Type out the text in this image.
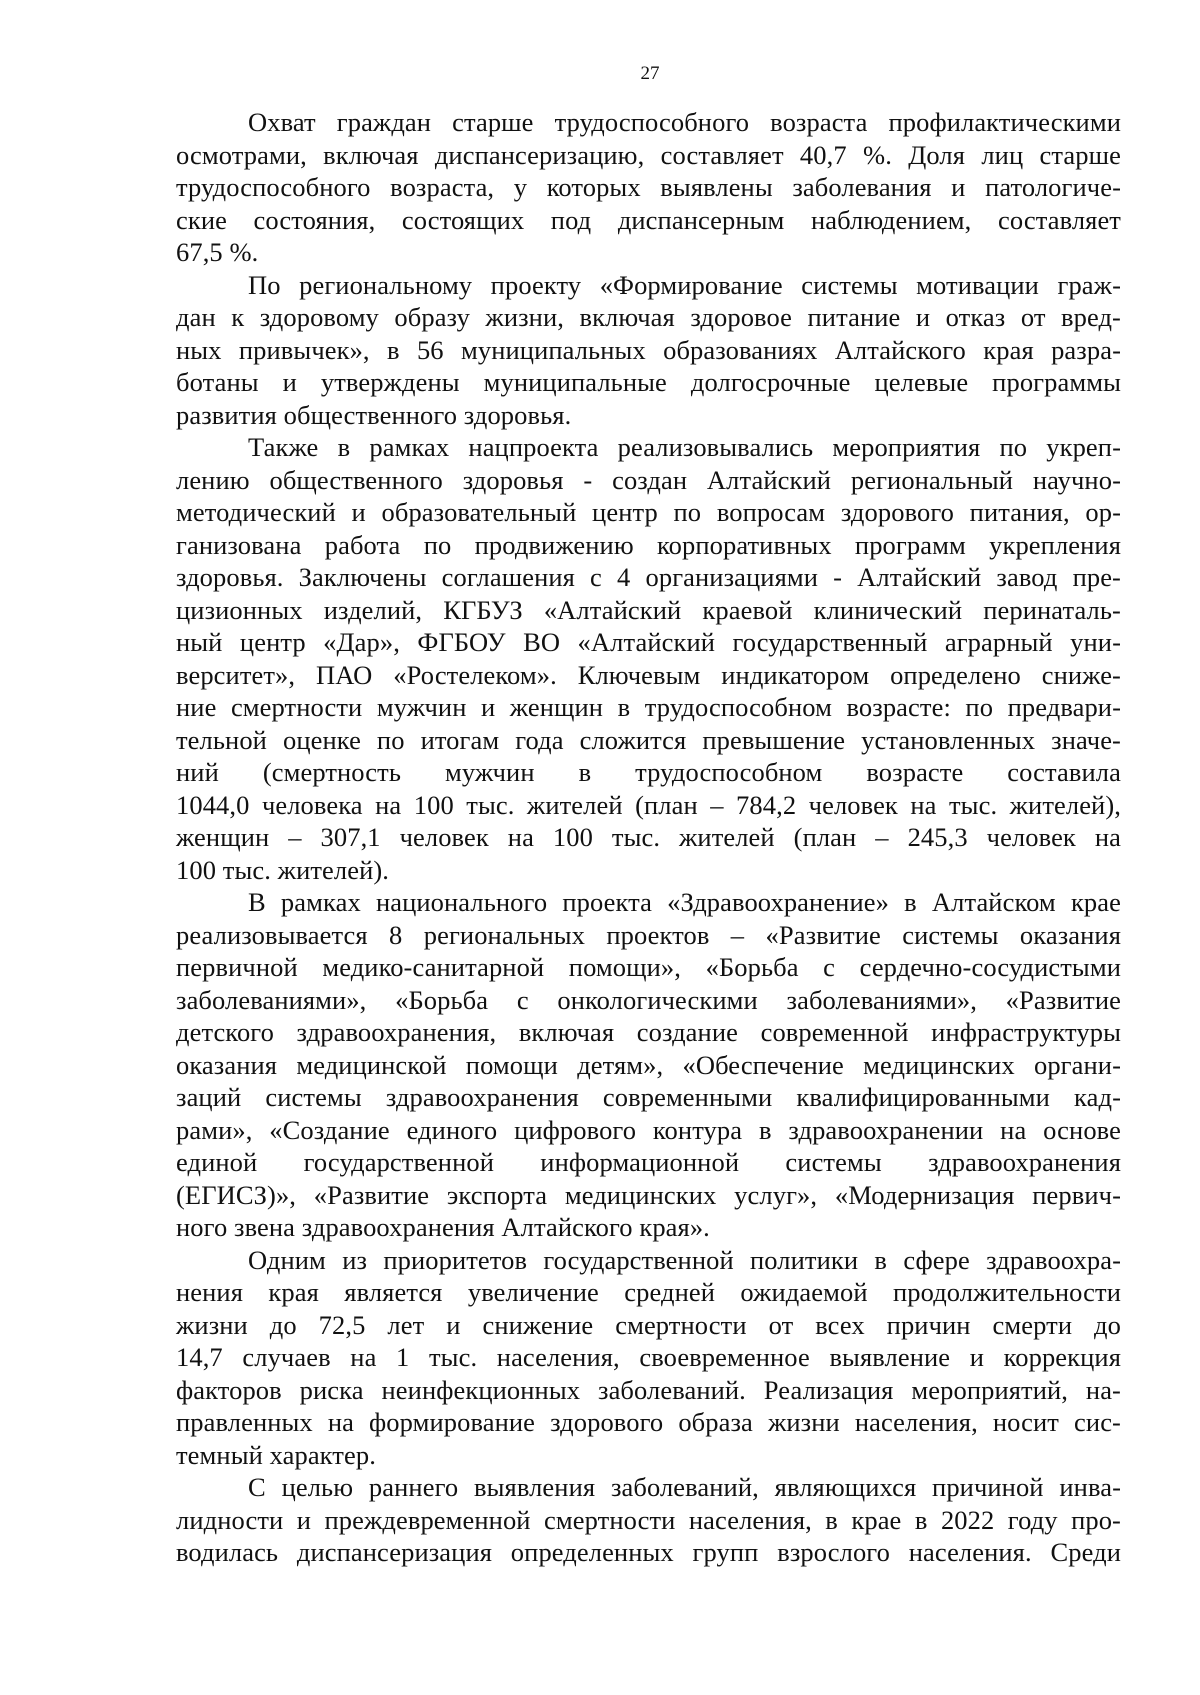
27
Охват граждан старше трудоспособного возраста профилактическими
осмотрами, включая диспансеризацию, составляет 40,7 %. Доля лиц старше
трудоспособного возраста, у которых выявлены заболевания и патологиче-
ские состояния, состоящих под диспансерным наблюдением, составляет
67,5 %.
По региональному проекту «Формирование системы мотивации граж-
дан к здоровому образу жизни, включая здоровое питание и отказ от вред-
ных привычек», в 56 муниципальных образованиях Алтайского края разра-
ботаны и утверждены муниципальные долгосрочные целевые программы
развития общественного здоровья.
Также в рамках нацпроекта реализовывались мероприятия по укреп-
лению общественного здоровья - создан Алтайский региональный научно-
методический и образовательный центр по вопросам здорового питания, ор-
ганизована работа по продвижению корпоративных программ укрепления
здоровья. Заключены соглашения с 4 организациями - Алтайский завод пре-
цизионных изделий, КГБУЗ «Алтайский краевой клинический перинаталь-
ный центр «Дар», ФГБОУ ВО «Алтайский государственный аграрный уни-
верситет», ПАО «Ростелеком». Ключевым индикатором определено сниже-
ние смертности мужчин и женщин в трудоспособном возрасте: по предвари-
тельной оценке по итогам года сложится превышение установленных значе-
ний (смертность мужчин в трудоспособном возрасте составила
1044,0 человека на 100 тыс. жителей (план – 784,2 человек на тыс. жителей),
женщин – 307,1 человек на 100 тыс. жителей (план – 245,3 человек на
100 тыс. жителей).
В рамках национального проекта «Здравоохранение» в Алтайском крае
реализовывается 8 региональных проектов – «Развитие системы оказания
первичной медико-санитарной помощи», «Борьба с сердечно-сосудистыми
заболеваниями», «Борьба с онкологическими заболеваниями», «Развитие
детского здравоохранения, включая создание современной инфраструктуры
оказания медицинской помощи детям», «Обеспечение медицинских органи-
заций системы здравоохранения современными квалифицированными кад-
рами», «Создание единого цифрового контура в здравоохранении на основе
единой государственной информационной системы здравоохранения
(ЕГИСЗ)», «Развитие экспорта медицинских услуг», «Модернизация первич-
ного звена здравоохранения Алтайского края».
Одним из приоритетов государственной политики в сфере здравоохра-
нения края является увеличение средней ожидаемой продолжительности
жизни до 72,5 лет и снижение смертности от всех причин смерти до
14,7 случаев на 1 тыс. населения, своевременное выявление и коррекция
факторов риска неинфекционных заболеваний. Реализация мероприятий, на-
правленных на формирование здорового образа жизни населения, носит сис-
темный характер.
С целью раннего выявления заболеваний, являющихся причиной инва-
лидности и преждевременной смертности населения, в крае в 2022 году про-
водилась диспансеризация определенных групп взрослого населения. Среди
